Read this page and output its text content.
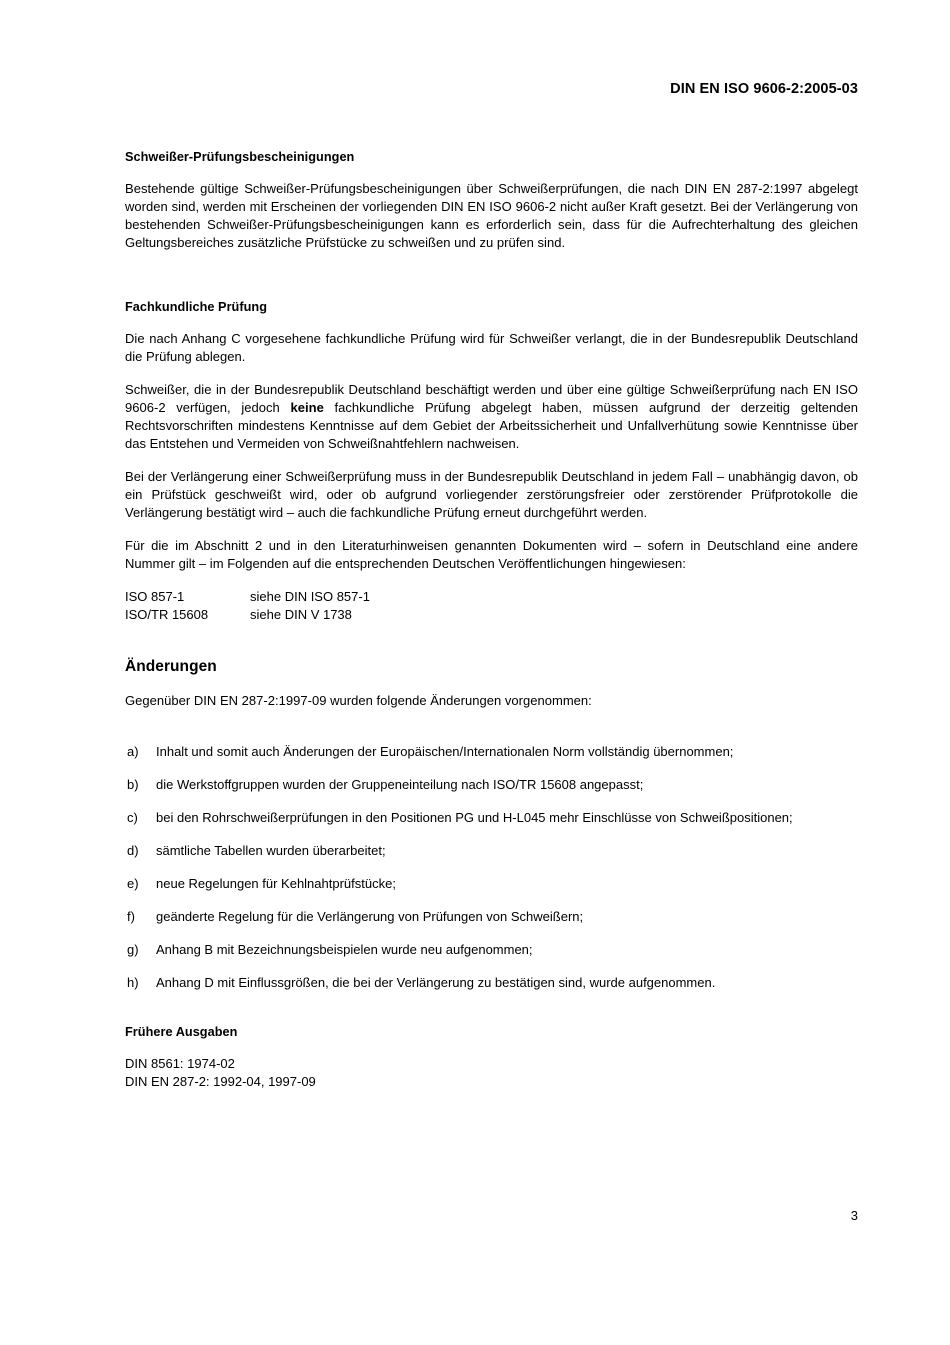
DIN EN ISO 9606-2:2005-03
Schweißer-Prüfungsbescheinigungen

Bestehende gültige Schweißer-Prüfungsbescheinigungen über Schweißerprüfungen, die nach DIN EN 287-2:1997 abgelegt worden sind, werden mit Erscheinen der vorliegenden DIN EN ISO 9606-2 nicht außer Kraft gesetzt. Bei der Verlängerung von bestehenden Schweißer-Prüfungsbescheinigungen kann es erforderlich sein, dass für die Aufrechterhaltung des gleichen Geltungsbereiches zusätzliche Prüfstücke zu schweißen und zu prüfen sind.

Fachkundliche Prüfung

Die nach Anhang C vorgesehene fachkundliche Prüfung wird für Schweißer verlangt, die in der Bundesrepublik Deutschland die Prüfung ablegen.

Schweißer, die in der Bundesrepublik Deutschland beschäftigt werden und über eine gültige Schweißerprüfung nach EN ISO 9606-2 verfügen, jedoch keine fachkundliche Prüfung abgelegt haben, müssen aufgrund der derzeitig geltenden Rechtsvorschriften mindestens Kenntnisse auf dem Gebiet der Arbeitssicherheit und Unfallverhütung sowie Kenntnisse über das Entstehen und Vermeiden von Schweißnahtfehlern nachweisen.

Bei der Verlängerung einer Schweißerprüfung muss in der Bundesrepublik Deutschland in jedem Fall – unabhängig davon, ob ein Prüfstück geschweißt wird, oder ob aufgrund vorliegender zerstörungsfreier oder zerstörender Prüfprotokolle die Verlängerung bestätigt wird – auch die fachkundliche Prüfung erneut durchgeführt werden.

Für die im Abschnitt 2 und in den Literaturhinweisen genannten Dokumenten wird – sofern in Deutschland eine andere Nummer gilt – im Folgenden auf die entsprechenden Deutschen Veröffentlichungen hingewiesen:

ISO 857-1	siehe DIN ISO 857-1
ISO/TR 15608	siehe DIN V 1738
Änderungen

Gegenüber DIN EN 287-2:1997-09 wurden folgende Änderungen vorgenommen:

a)	Inhalt und somit auch Änderungen der Europäischen/Internationalen Norm vollständig übernommen;
b)	die Werkstoffgruppen wurden der Gruppeneinteilung nach ISO/TR 15608 angepasst;
c)	bei den Rohrschweißerprüfungen in den Positionen PG und H-L045 mehr Einschlüsse von Schweißpositionen;
d)	sämtliche Tabellen wurden überarbeitet;
e)	neue Regelungen für Kehlnahtprüfstücke;
f)	geänderte Regelung für die Verlängerung von Prüfungen von Schweißern;
g)	Anhang B mit Bezeichnungsbeispielen wurde neu aufgenommen;
h)	Anhang D mit Einflussgrößen, die bei der Verlängerung zu bestätigen sind, wurde aufgenommen.
Frühere Ausgaben
DIN 8561: 1974-02
DIN EN 287-2: 1992-04, 1997-09
3
